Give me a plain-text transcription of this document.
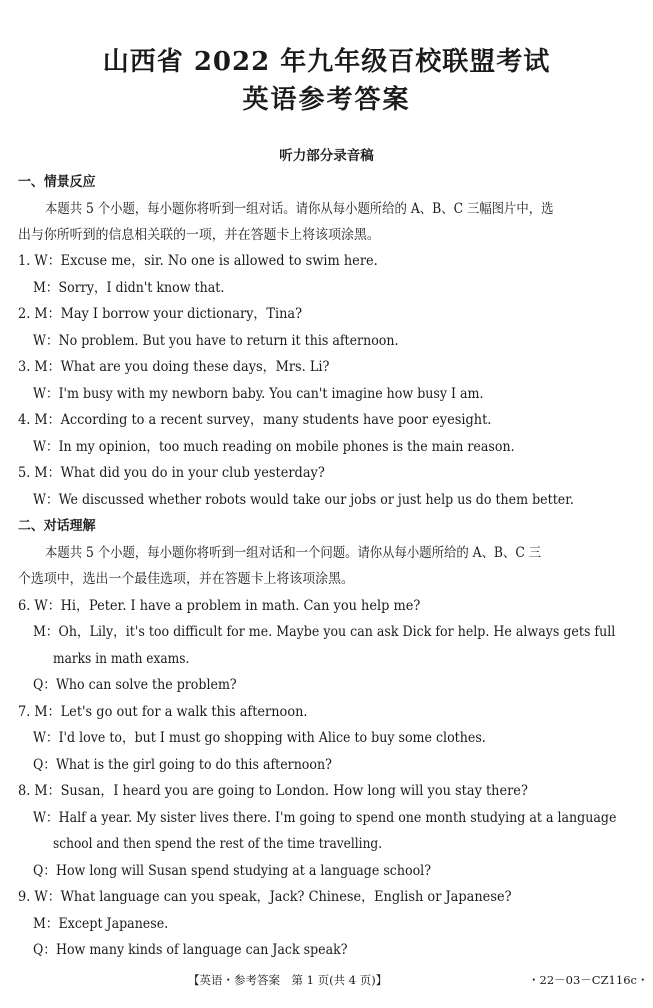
山西省 2022 年九年级百校联盟考试
英语参考答案
听力部分录音稿
一、情景反应
本题共 5 个小题，每小题你将听到一组对话。请你从每小题所给的 A、B、C 三幅图片中，选
出与你所听到的信息相关联的一项，并在答题卡上将该项涂黑。
1. W：Excuse me，sir. No one is allowed to swim here.
M：Sorry，I didn't know that.
2. M：May I borrow your dictionary，Tina?
W：No problem. But you have to return it this afternoon.
3. M：What are you doing these days，Mrs. Li?
W：I'm busy with my newborn baby. You can't imagine how busy I am.
4. M：According to a recent survey，many students have poor eyesight.
W：In my opinion，too much reading on mobile phones is the main reason.
5. M：What did you do in your club yesterday?
W：We discussed whether robots would take our jobs or just help us do them better.
二、对话理解
本题共 5 个小题，每小题你将听到一组对话和一个问题。请你从每小题所给的 A、B、C 三
个选项中，选出一个最佳选项，并在答题卡上将该项涂黑。
6. W：Hi，Peter. I have a problem in math. Can you help me?
M：Oh，Lily，it's too difficult for me. Maybe you can ask Dick for help. He always gets full
marks in math exams.
Q：Who can solve the problem?
7. M：Let's go out for a walk this afternoon.
W：I'd love to，but I must go shopping with Alice to buy some clothes.
Q：What is the girl going to do this afternoon?
8. M：Susan，I heard you are going to London. How long will you stay there?
W：Half a year. My sister lives there. I'm going to spend one month studying at a language
school and then spend the rest of the time travelling.
Q：How long will Susan spend studying at a language school?
9. W：What language can you speak，Jack? Chinese，English or Japanese?
M：Except Japanese.
Q：How many kinds of language can Jack speak?
【英语・参考答案　第 1 页(共 4 页)】	・22－03－CZ116c・
